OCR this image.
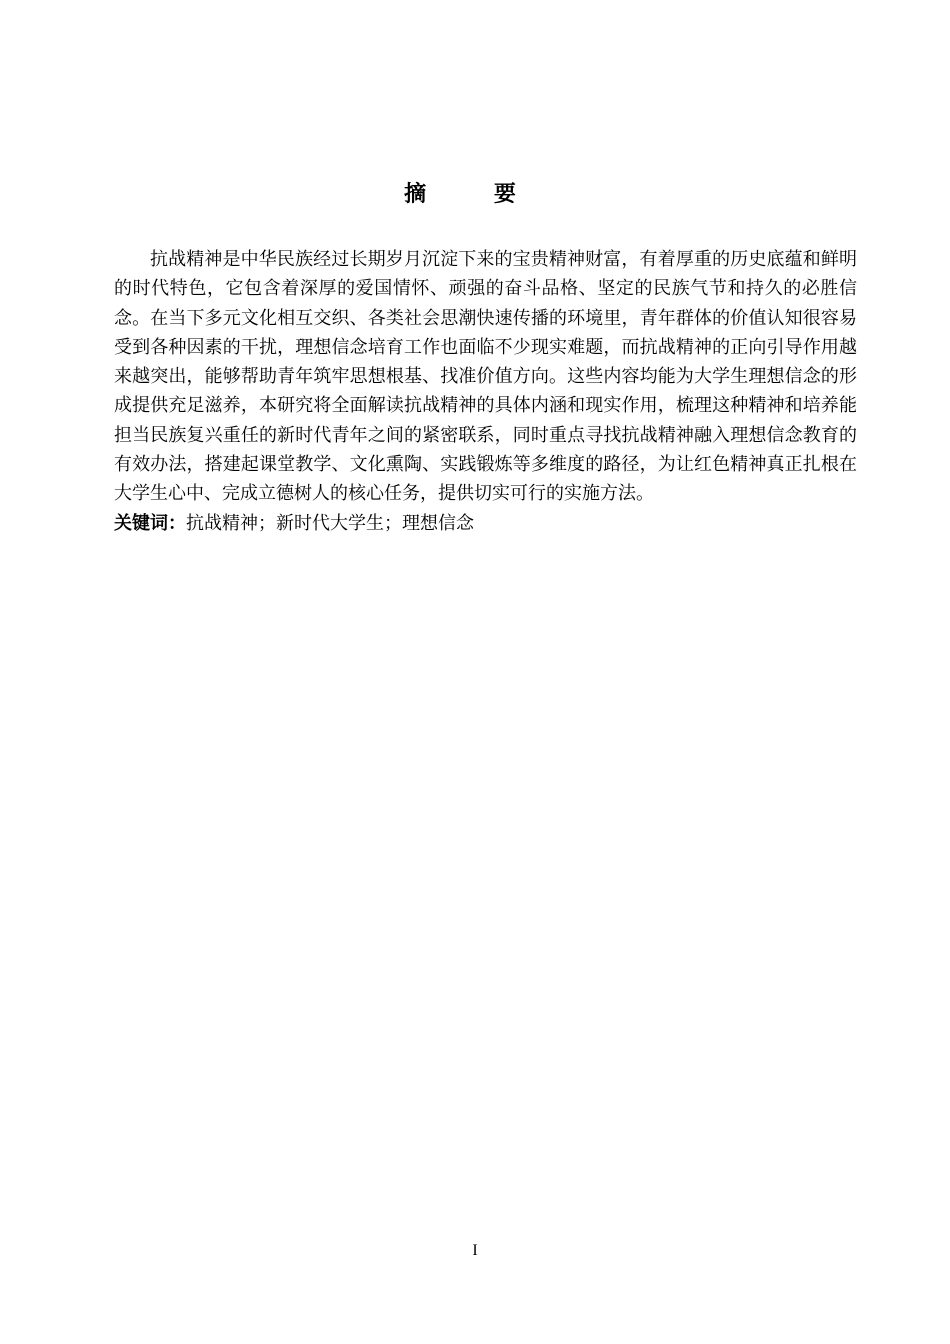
摘 要

抗战精神是中华民族经过长期岁月沉淀下来的宝贵精神财富，有着厚重的历史底蕴和鲜明的时代特色，它包含着深厚的爱国情怀、顽强的奋斗品格、坚定的民族气节和持久的必胜信念。在当下多元文化相互交织、各类社会思潮快速传播的环境里，青年群体的价值认知很容易受到各种因素的干扰，理想信念培育工作也面临不少现实难题，而抗战精神的正向引导作用越来越突出，能够帮助青年筑牢思想根基、找准价值方向。这些内容均能为大学生理想信念的形成提供充足滋养，本研究将全面解读抗战精神的具体内涵和现实作用，梳理这种精神和培养能担当民族复兴重任的新时代青年之间的紧密联系，同时重点寻找抗战精神融入理想信念教育的有效办法，搭建起课堂教学、文化熏陶、实践锻炼等多维度的路径，为让红色精神真正扎根在大学生心中、完成立德树人的核心任务，提供切实可行的实施方法。

关键词：抗战精神；新时代大学生；理想信念
I
